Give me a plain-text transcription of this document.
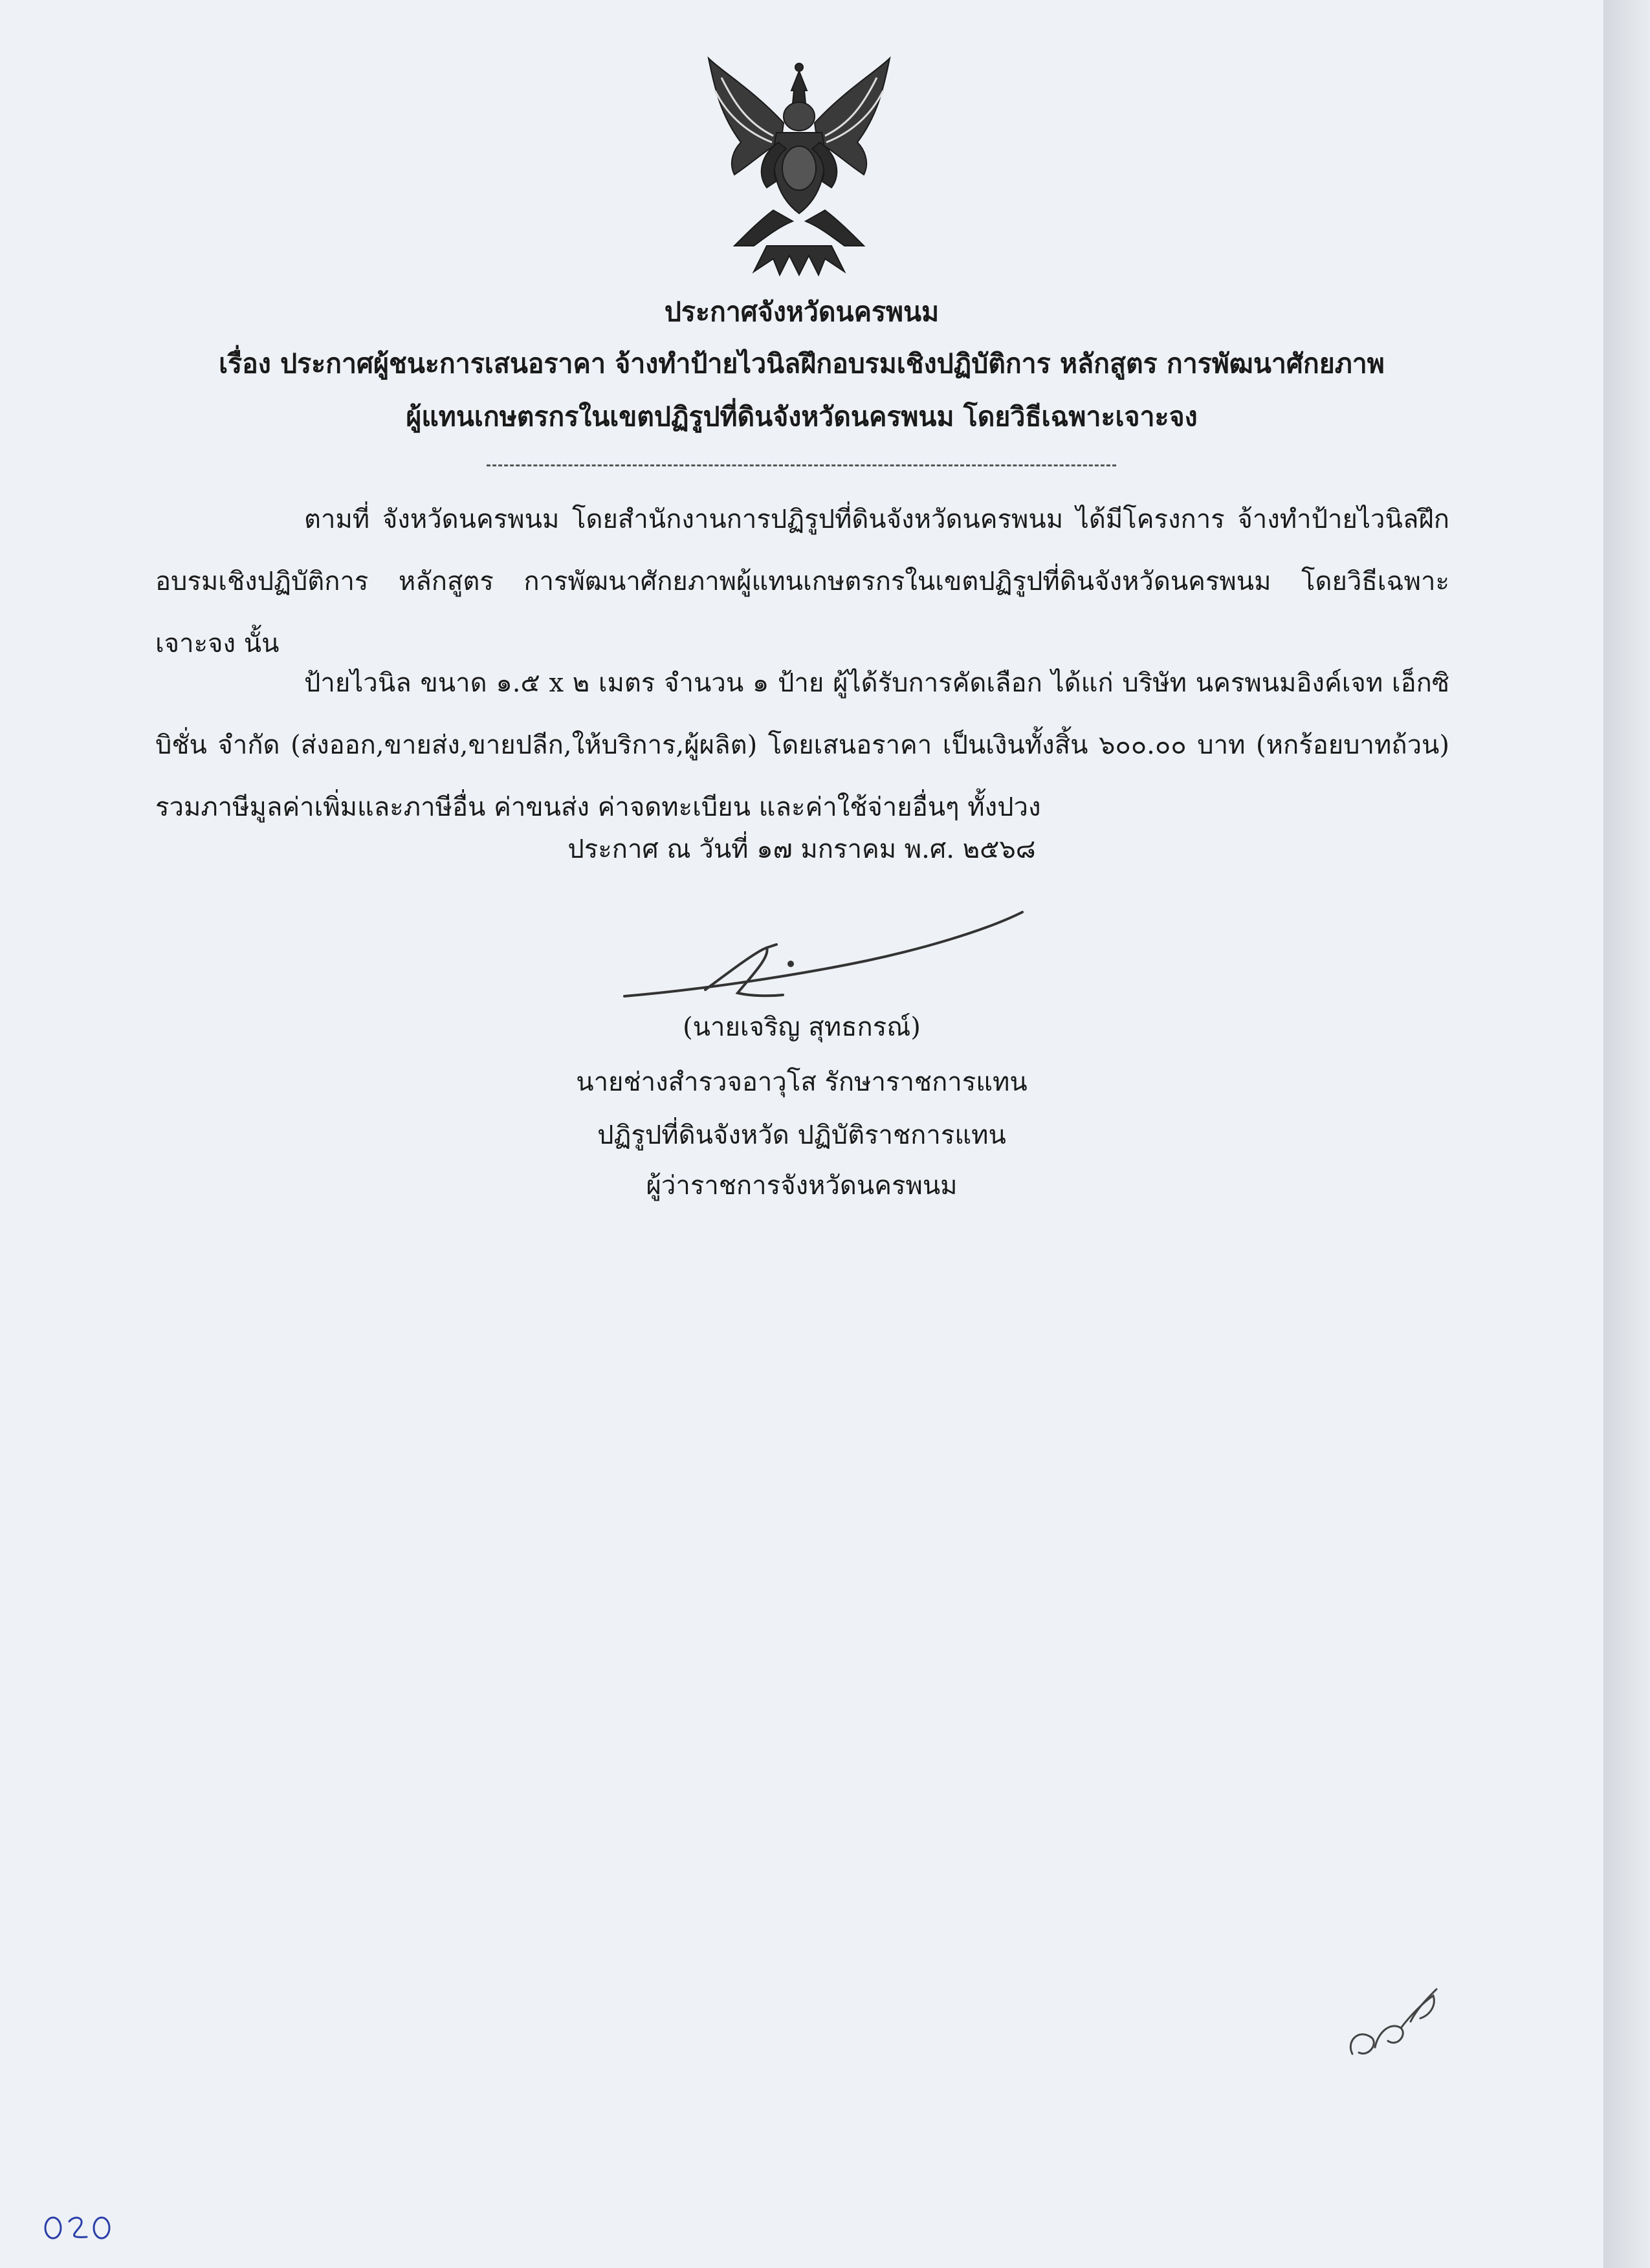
ประกาศจังหวัดนครพนม
เรื่อง ประกาศผู้ชนะการเสนอราคา จ้างทำป้ายไวนิลฝึกอบรมเชิงปฏิบัติการ หลักสูตร การพัฒนาศักยภาพ
ผู้แทนเกษตรกรในเขตปฏิรูปที่ดินจังหวัดนครพนม โดยวิธีเฉพาะเจาะจง

ตามที่ จังหวัดนครพนม โดยสำนักงานการปฏิรูปที่ดินจังหวัดนครพนม ได้มีโครงการ จ้างทำป้ายไวนิลฝึกอบรมเชิงปฏิบัติการ หลักสูตร การพัฒนาศักยภาพผู้แทนเกษตรกรในเขตปฏิรูปที่ดินจังหวัดนครพนม โดยวิธีเฉพาะเจาะจง นั้น

ป้ายไวนิล ขนาด ๑.๕ x ๒ เมตร จำนวน ๑ ป้าย ผู้ได้รับการคัดเลือก ได้แก่ บริษัท นครพนมอิงค์เจท เอ็กซิบิชั่น จำกัด (ส่งออก,ขายส่ง,ขายปลีก,ให้บริการ,ผู้ผลิต) โดยเสนอราคา เป็นเงินทั้งสิ้น ๖๐๐.๐๐ บาท (หกร้อยบาทถ้วน) รวมภาษีมูลค่าเพิ่มและภาษีอื่น ค่าขนส่ง ค่าจดทะเบียน และค่าใช้จ่ายอื่นๆ ทั้งปวง

ประกาศ ณ วันที่ ๑๗ มกราคม พ.ศ. ๒๕๖๘
(นายเจริญ สุทธกรณ์)
นายช่างสำรวจอาวุโส รักษาราชการแทน
ปฏิรูปที่ดินจังหวัด ปฏิบัติราชการแทน
ผู้ว่าราชการจังหวัดนครพนม
